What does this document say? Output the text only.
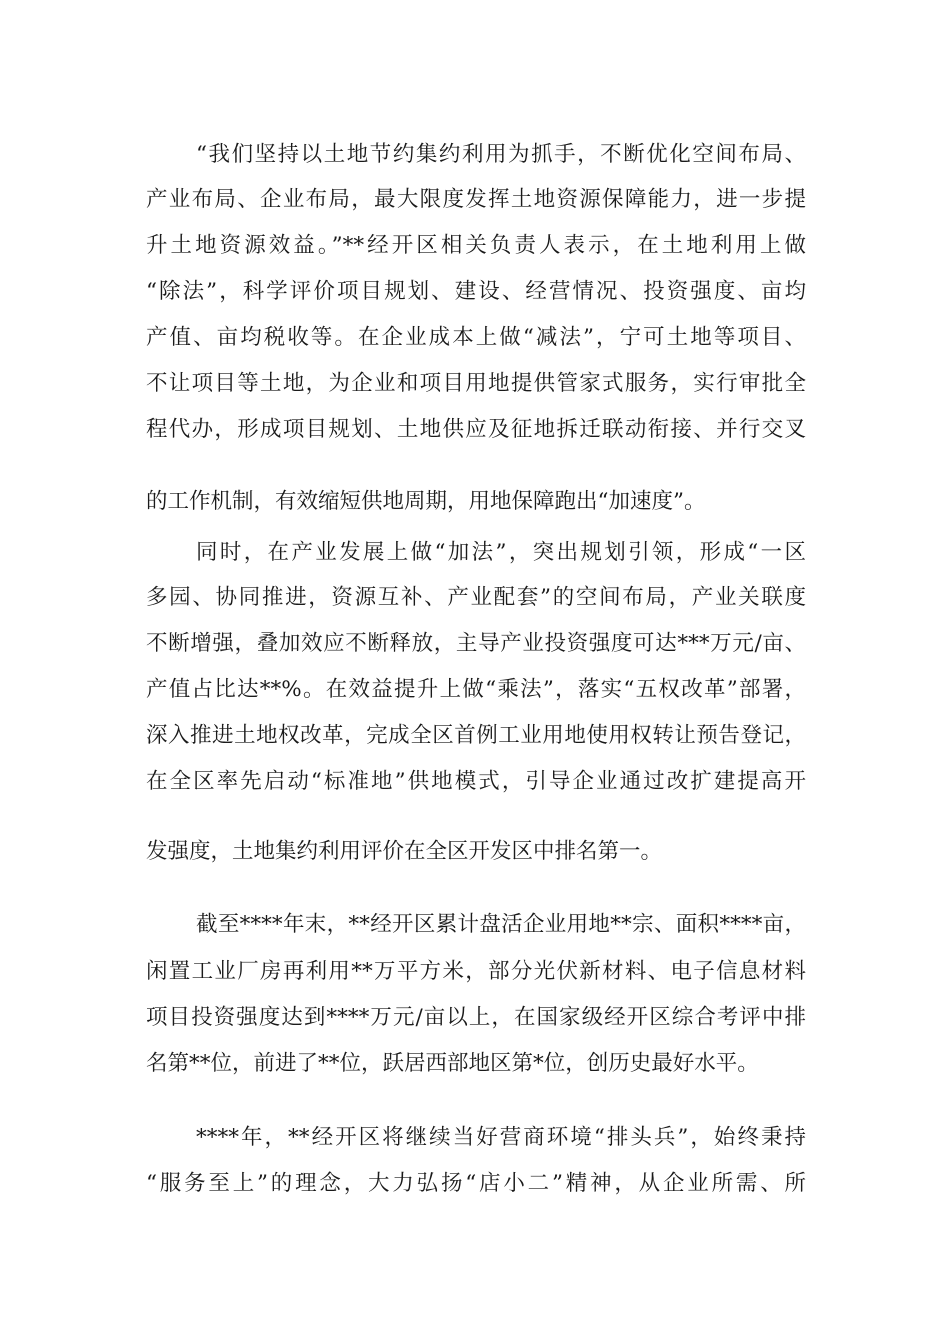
“我们坚持以土地节约集约利用为抓手，不断优化空间布局、
产业布局、企业布局，最大限度发挥土地资源保障能力，进一步提
升土地资源效益。”**经开区相关负责人表示，在土地利用上做
“除法”，科学评价项目规划、建设、经营情况、投资强度、亩均
产值、亩均税收等。在企业成本上做“减法”，宁可土地等项目、
不让项目等土地，为企业和项目用地提供管家式服务，实行审批全
程代办，形成项目规划、土地供应及征地拆迁联动衔接、并行交叉
的工作机制，有效缩短供地周期，用地保障跑出“加速度”。
同时，在产业发展上做“加法”，突出规划引领，形成“一区
多园、协同推进，资源互补、产业配套”的空间布局，产业关联度
不断增强，叠加效应不断释放，主导产业投资强度可达***万元/亩、
产值占比达**%。在效益提升上做“乘法”，落实“五权改革”部署，
深入推进土地权改革，完成全区首例工业用地使用权转让预告登记，
在全区率先启动“标准地”供地模式，引导企业通过改扩建提高开
发强度，土地集约利用评价在全区开发区中排名第一。
截至****年末，**经开区累计盘活企业用地**宗、面积****亩，
闲置工业厂房再利用**万平方米，部分光伏新材料、电子信息材料
项目投资强度达到****万元/亩以上，在国家级经开区综合考评中排
名第**位，前进了**位，跃居西部地区第*位，创历史最好水平。
****年，**经开区将继续当好营商环境“排头兵”，始终秉持
“服务至上”的理念，大力弘扬“店小二”精神，从企业所需、所
